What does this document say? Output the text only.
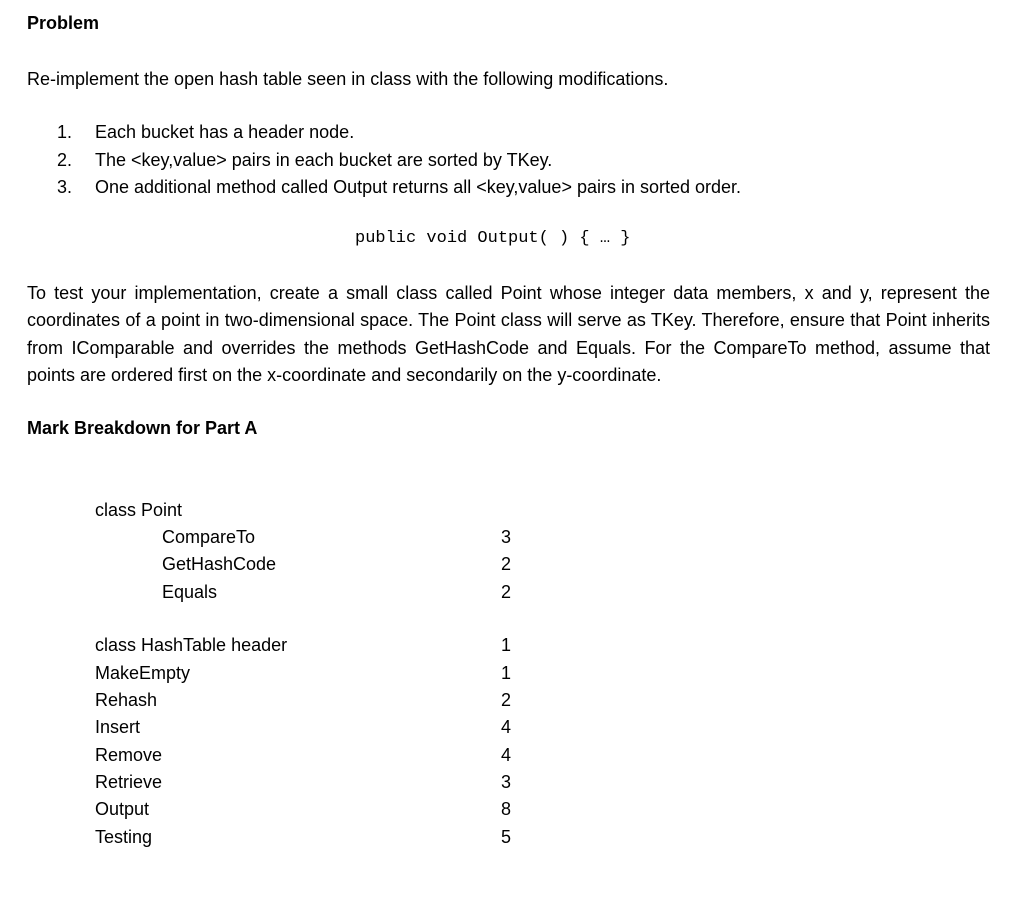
Problem
Re-implement the open hash table seen in class with the following modifications.
1. Each bucket has a header node.
2. The <key,value> pairs in each bucket are sorted by TKey.
3. One additional method called Output returns all <key,value> pairs in sorted order.
public void Output( ) { … }
To test your implementation, create a small class called Point whose integer data members, x and y, represent the coordinates of a point in two-dimensional space. The Point class will serve as TKey. Therefore, ensure that Point inherits from IComparable and overrides the methods GetHashCode and Equals. For the CompareTo method, assume that points are ordered first on the x-coordinate and secondarily on the y-coordinate.
Mark Breakdown for Part A
class Point
CompareTo	3
GetHashCode	2
Equals	2
class HashTable header	1
MakeEmpty	1
Rehash	2
Insert	4
Remove	4
Retrieve	3
Output	8
Testing	5
